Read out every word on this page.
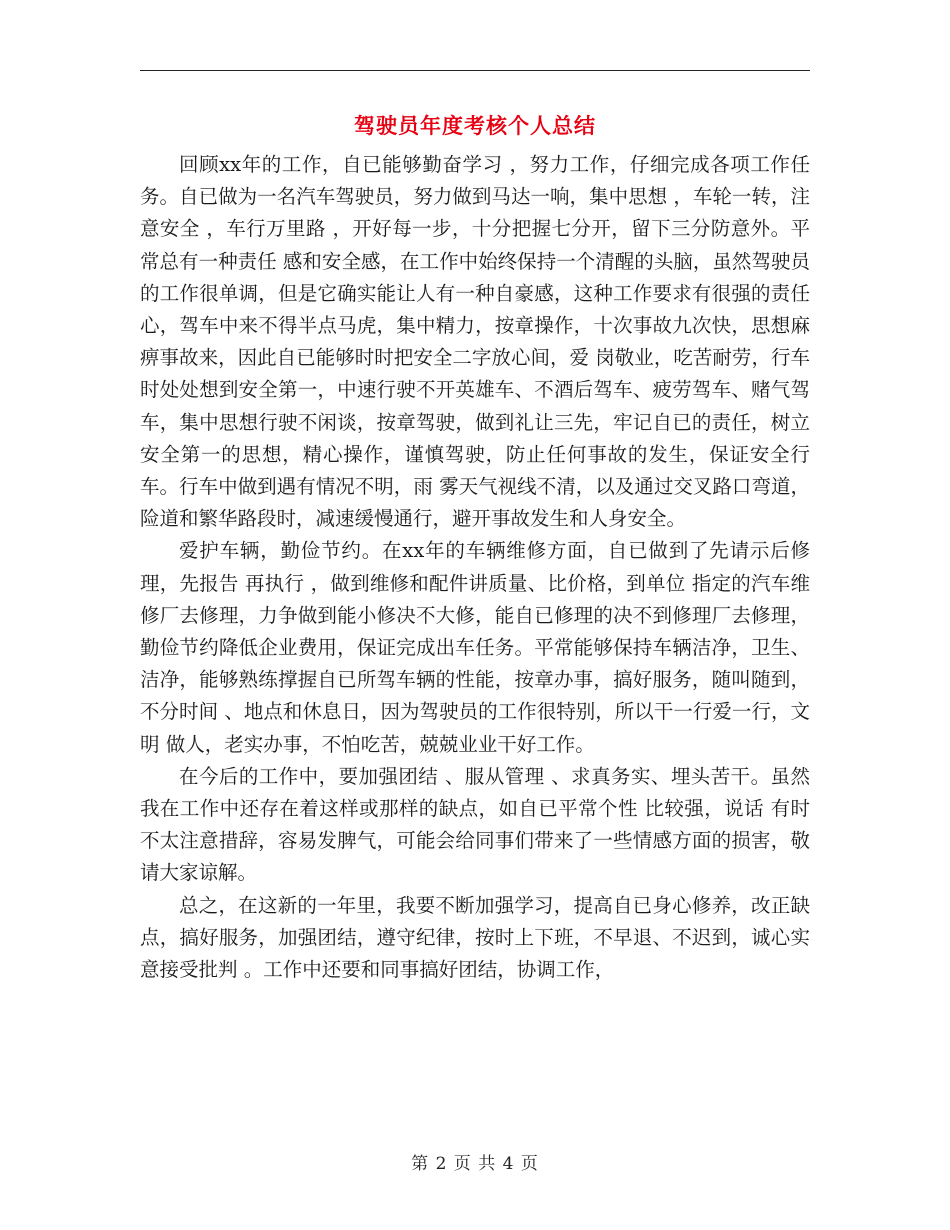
驾驶员年度考核个人总结

回顾xx年的工作，自已能够勤奋学习 ，努力工作，仔细完成各项工作任务。自已做为一名汽车驾驶员，努力做到马达一响，集中思想 ，车轮一转，注意安全 ，车行万里路 ，开好每一步，十分把握七分开，留下三分防意外。平常总有一种责任 感和安全感，在工作中始终保持一个清醒的头脑，虽然驾驶员的工作很单调，但是它确实能让人有一种自豪感，这种工作要求有很强的责任心，驾车中来不得半点马虎，集中精力，按章操作，十次事故九次快，思想麻痹事故来，因此自已能够时时把安全二字放心间，爱 岗敬业，吃苦耐劳，行车时处处想到安全第一，中速行驶不开英雄车、不酒后驾车、疲劳驾车、赌气驾车，集中思想行驶不闲谈，按章驾驶，做到礼让三先，牢记自已的责任，树立安全第一的思想，精心操作，谨慎驾驶，防止任何事故的发生，保证安全行车。行车中做到遇有情况不明，雨 雾天气视线不清，以及通过交叉路口弯道，险道和繁华路段时，减速缓慢通行，避开事故发生和人身安全。

爱护车辆，勤俭节约。在xx年的车辆维修方面，自已做到了先请示后修理，先报告 再执行 ，做到维修和配件讲质量、比价格，到单位 指定的汽车维修厂去修理，力争做到能小修决不大修，能自已修理的决不到修理厂去修理，勤俭节约降低企业费用，保证完成出车任务。平常能够保持车辆洁净，卫生、洁净，能够熟练撑握自已所驾车辆的性能，按章办事，搞好服务，随叫随到，不分时间 、地点和休息日，因为驾驶员的工作很特别，所以干一行爱一行，文明 做人，老实办事，不怕吃苦，兢兢业业干好工作。

在今后的工作中，要加强团结 、服从管理 、求真务实、埋头苦干。虽然我在工作中还存在着这样或那样的缺点，如自已平常个性 比较强，说话 有时不太注意措辞，容易发脾气，可能会给同事们带来了一些情感方面的损害，敬请大家谅解。

总之，在这新的一年里，我要不断加强学习，提高自已身心修养，改正缺点，搞好服务，加强团结，遵守纪律，按时上下班，不早退、不迟到，诚心实意接受批判 。工作中还要和同事搞好团结，协调工作，

第 2 页 共 4 页
